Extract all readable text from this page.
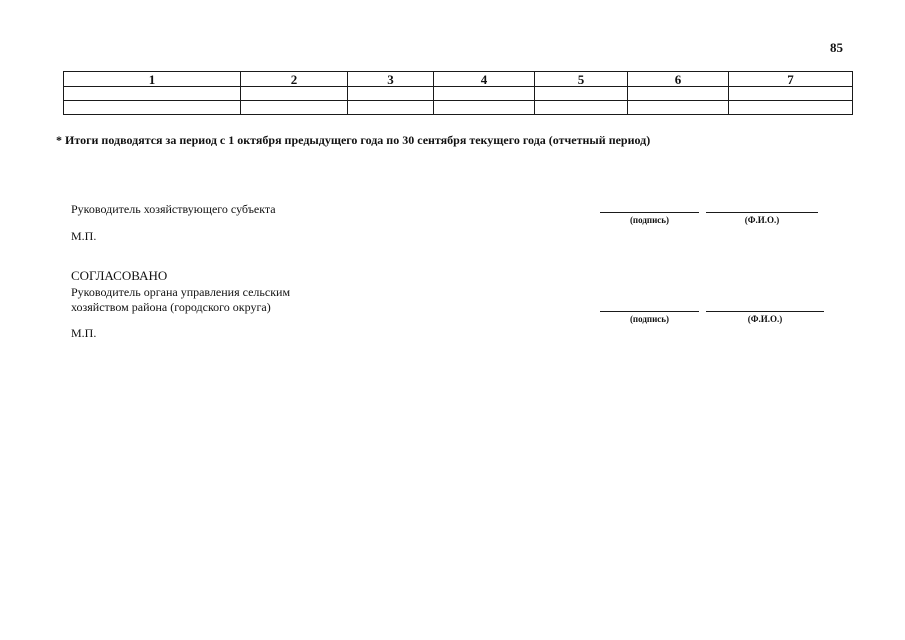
85
1	2	3	4	5	6	7

* Итоги подводятся за период с 1 октября предыдущего года по 30 сентября текущего года (отчетный период)
Руководитель хозяйствующего субъекта
М.П.
(подпись)	(Ф.И.О.)
СОГЛАСОВАНО
Руководитель органа управления сельским
хозяйством района (городского округа)
М.П.
(подпись)	(Ф.И.О.)
